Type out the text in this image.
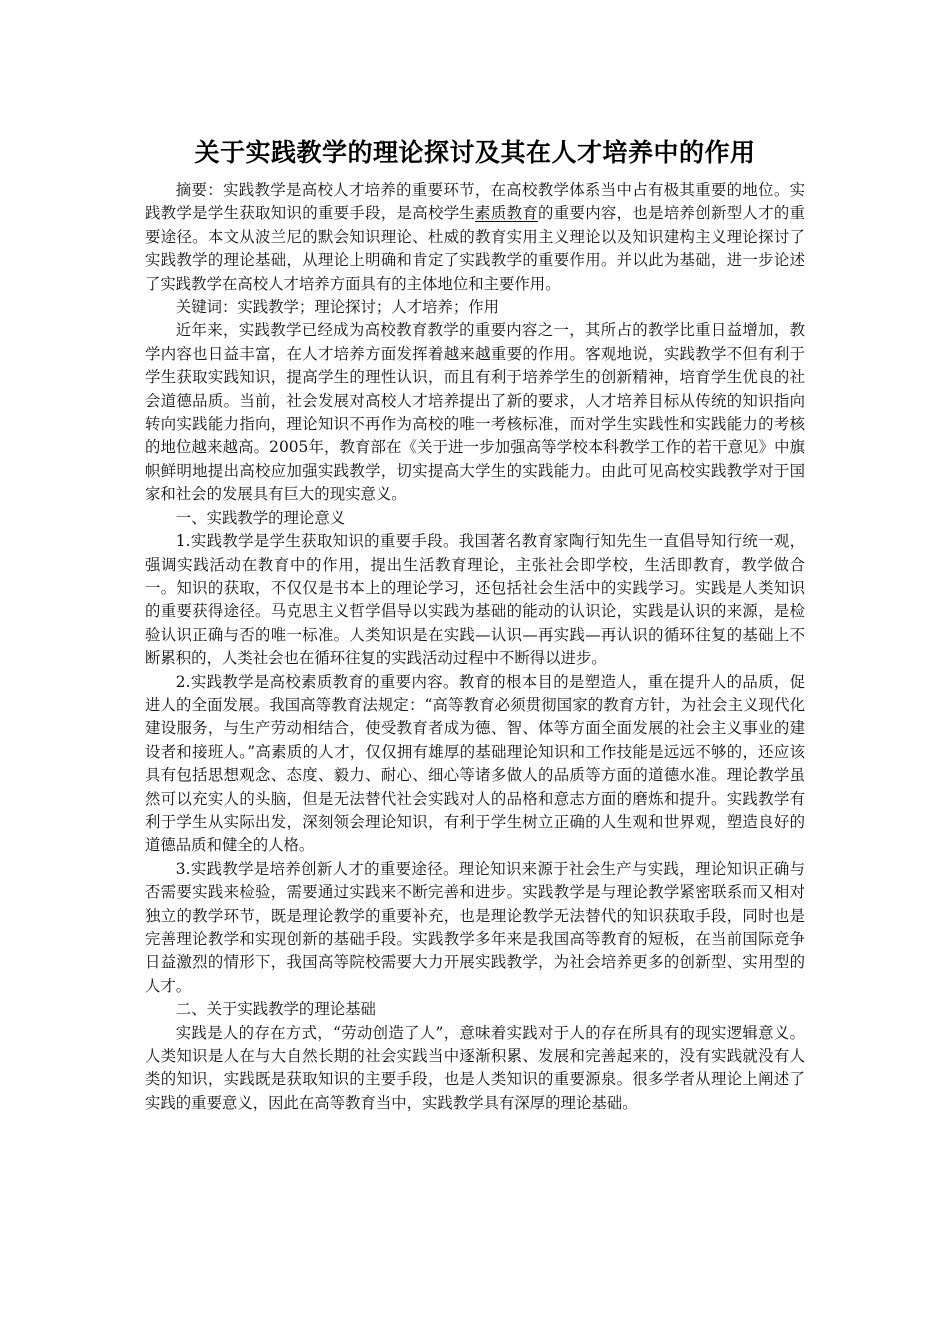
关于实践教学的理论探讨及其在人才培养中的作用

摘要：实践教学是高校人才培养的重要环节，在高校教学体系当中占有极其重要的地位。实践教学是学生获取知识的重要手段，是高校学生素质教育的重要内容，也是培养创新型人才的重要途径。本文从波兰尼的默会知识理论、杜威的教育实用主义理论以及知识建构主义理论探讨了实践教学的理论基础，从理论上明确和肯定了实践教学的重要作用。并以此为基础，进一步论述了实践教学在高校人才培养方面具有的主体地位和主要作用。

关键词：实践教学；理论探讨；人才培养；作用

近年来，实践教学已经成为高校教育教学的重要内容之一，其所占的教学比重日益增加，教学内容也日益丰富，在人才培养方面发挥着越来越重要的作用。客观地说，实践教学不但有利于学生获取实践知识，提高学生的理性认识，而且有利于培养学生的创新精神，培育学生优良的社会道德品质。当前，社会发展对高校人才培养提出了新的要求，人才培养目标从传统的知识指向转向实践能力指向，理论知识不再作为高校的唯一考核标准，而对学生实践性和实践能力的考核的地位越来越高。2005年，教育部在《关于进一步加强高等学校本科教学工作的若干意见》中旗帜鲜明地提出高校应加强实践教学，切实提高大学生的实践能力。由此可见高校实践教学对于国家和社会的发展具有巨大的现实意义。

一、实践教学的理论意义

1.实践教学是学生获取知识的重要手段。我国著名教育家陶行知先生一直倡导知行统一观，强调实践活动在教育中的作用，提出生活教育理论，主张社会即学校，生活即教育，教学做合一。知识的获取，不仅仅是书本上的理论学习，还包括社会生活中的实践学习。实践是人类知识的重要获得途径。马克思主义哲学倡导以实践为基础的能动的认识论，实践是认识的来源，是检验认识正确与否的唯一标准。人类知识是在实践—认识—再实践—再认识的循环往复的基础上不断累积的，人类社会也在循环往复的实践活动过程中不断得以进步。

2.实践教学是高校素质教育的重要内容。教育的根本目的是塑造人，重在提升人的品质，促进人的全面发展。我国高等教育法规定：“高等教育必须贯彻国家的教育方针，为社会主义现代化建设服务，与生产劳动相结合，使受教育者成为德、智、体等方面全面发展的社会主义事业的建设者和接班人。”高素质的人才，仅仅拥有雄厚的基础理论知识和工作技能是远远不够的，还应该具有包括思想观念、态度、毅力、耐心、细心等诸多做人的品质等方面的道德水准。理论教学虽然可以充实人的头脑，但是无法替代社会实践对人的品格和意志方面的磨炼和提升。实践教学有利于学生从实际出发，深刻领会理论知识，有利于学生树立正确的人生观和世界观，塑造良好的道德品质和健全的人格。

3.实践教学是培养创新人才的重要途径。理论知识来源于社会生产与实践，理论知识正确与否需要实践来检验，需要通过实践来不断完善和进步。实践教学是与理论教学紧密联系而又相对独立的教学环节，既是理论教学的重要补充，也是理论教学无法替代的知识获取手段，同时也是完善理论教学和实现创新的基础手段。实践教学多年来是我国高等教育的短板，在当前国际竞争日益激烈的情形下，我国高等院校需要大力开展实践教学，为社会培养更多的创新型、实用型的人才。

二、关于实践教学的理论基础

实践是人的存在方式，“劳动创造了人”，意味着实践对于人的存在所具有的现实逻辑意义。人类知识是人在与大自然长期的社会实践当中逐渐积累、发展和完善起来的，没有实践就没有人类的知识，实践既是获取知识的主要手段，也是人类知识的重要源泉。很多学者从理论上阐述了实践的重要意义，因此在高等教育当中，实践教学具有深厚的理论基础。
